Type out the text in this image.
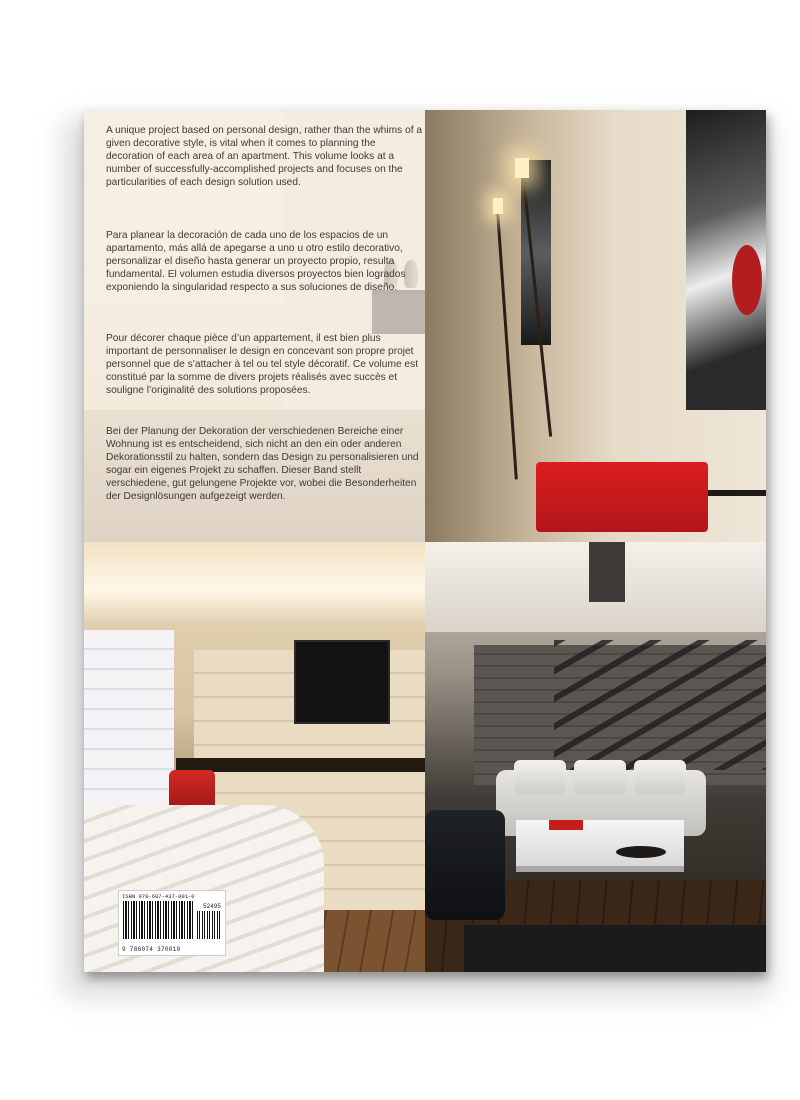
A unique project based on personal design, rather than the whims of a given decorative style, is vital when it comes to planning the decoration of each area of an apartment. This volume looks at a number of successfully-accomplished projects and focuses on the particularities of each design solution used.

Para planear la decoración de cada uno de los espacios de un apartamento, más allá de apegarse a uno u otro estilo decorativo, personalizar el diseño hasta generar un proyecto propio, resulta fundamental. El volumen estudia diversos proyectos bien logrados exponiendo la singularidad respecto a sus soluciones de diseño.

Pour décorer chaque pièce d’un appartement, il est bien plus important de personnaliser le design en concevant son propre projet personnel que de s’attacher à tel ou tel style décoratif. Ce volume est constitué par la somme de divers projets réalisés avec succès et souligne l’originalité des solutions proposées.

Bei der Planung der Dekoration der verschiedenen Bereiche einer Wohnung ist es entscheidend, sich nicht an den ein oder anderen Dekorationsstil zu halten, sondern das Design zu personalisieren und sogar ein eigenes Projekt zu schaffen. Dieser Band stellt verschiedene, gut gelungene Projekte vor, wobei die Besonderheiten der Designlösungen aufgezeigt werden.

ISBN 978-607-437-001-0
52495
9 786074 370010
